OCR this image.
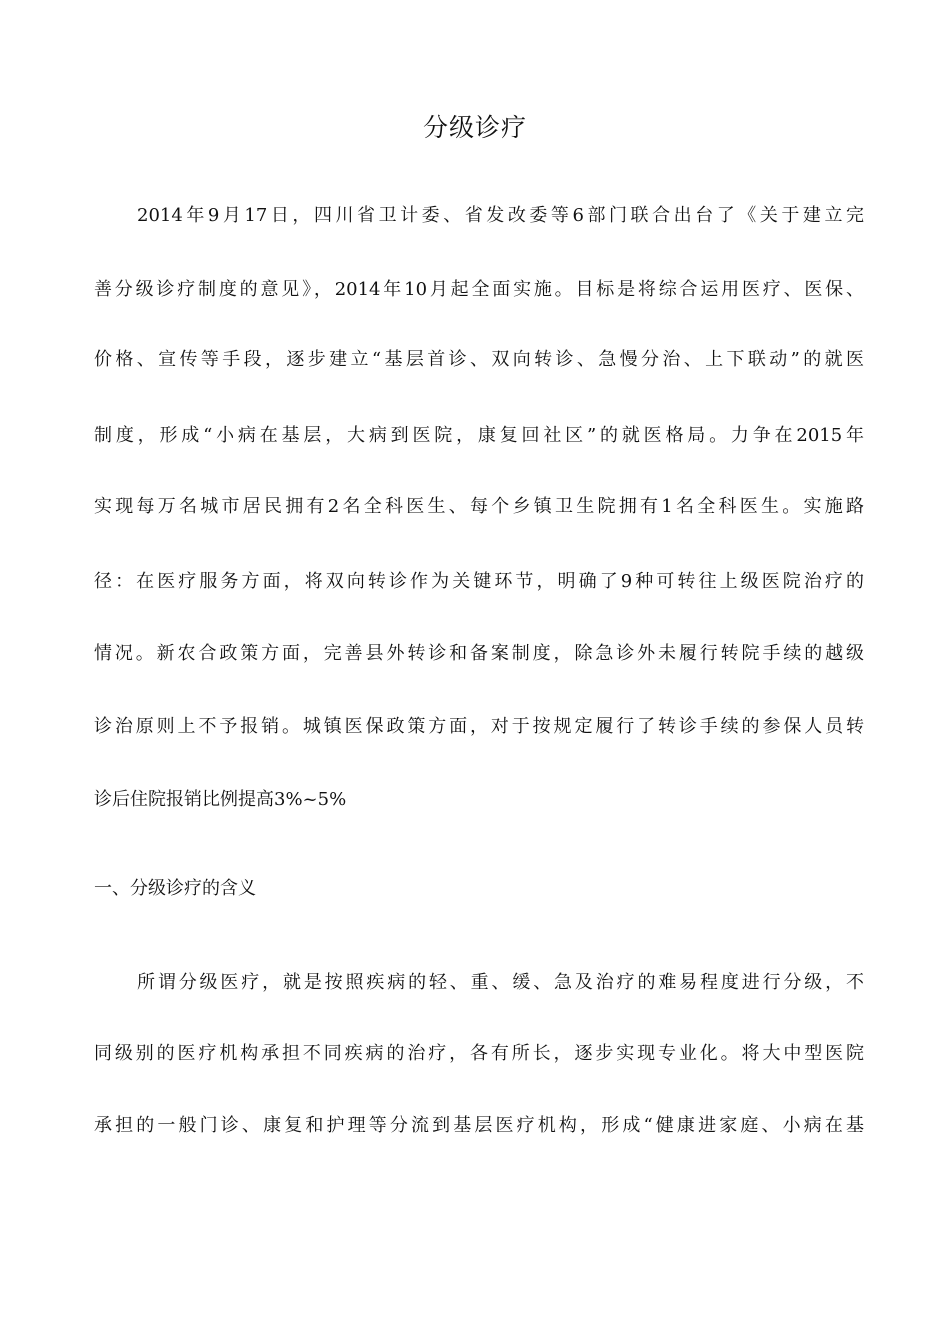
分级诊疗

2014年9月17日，四川省卫计委、省发改委等6部门联合出台了《关于建立完

善分级诊疗制度的意见》，2014年10月起全面实施。目标是将综合运用医疗、医保、

价格、宣传等手段，逐步建立“基层首诊、双向转诊、急慢分治、上下联动”的就医

制度，形成“小病在基层，大病到医院，康复回社区”的就医格局。力争在2015年

实现每万名城市居民拥有2名全科医生、每个乡镇卫生院拥有1名全科医生。实施路

径：在医疗服务方面，将双向转诊作为关键环节，明确了9种可转往上级医院治疗的

情况。新农合政策方面，完善县外转诊和备案制度，除急诊外未履行转院手续的越级

诊治原则上不予报销。城镇医保政策方面，对于按规定履行了转诊手续的参保人员转

诊后住院报销比例提高3%~5%

一、分级诊疗的含义

所谓分级医疗，就是按照疾病的轻、重、缓、急及治疗的难易程度进行分级，不

同级别的医疗机构承担不同疾病的治疗，各有所长，逐步实现专业化。将大中型医院

承担的一般门诊、康复和护理等分流到基层医疗机构，形成“健康进家庭、小病在基
